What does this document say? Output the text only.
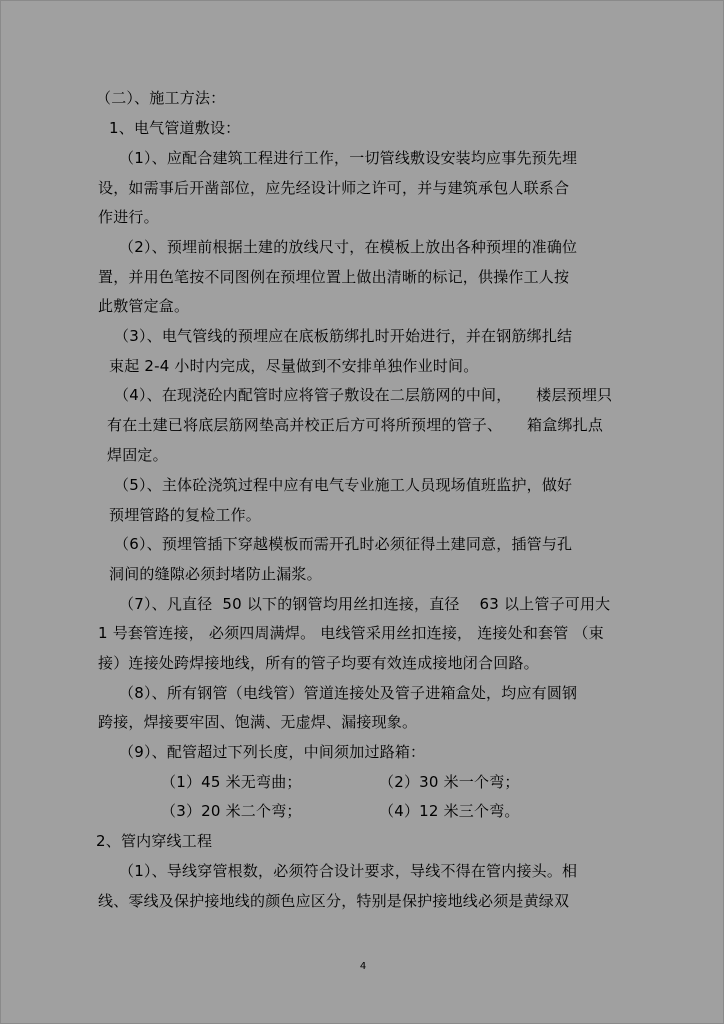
（二）、施工方法：
1、电气管道敷设：
（1）、应配合建筑工程进行工作，一切管线敷设安装均应事先预先埋
设，如需事后开凿部位，应先经设计师之许可，并与建筑承包人联系合
作进行。
（2）、预埋前根据土建的放线尺寸，在模板上放出各种预埋的准确位
置，并用色笔按不同图例在预埋位置上做出清晰的标记，供操作工人按
此敷管定盒。
（3）、电气管线的预埋应在底板筋绑扎时开始进行，并在钢筋绑扎结
束起 2-4 小时内完成，尽量做到不安排单独作业时间。
（4）、在现浇砼内配管时应将管子敷设在二层筋网的中间，     楼层预埋只
有在土建已将底层筋网垫高并校正后方可将所预埋的管子、     箱盒绑扎点
焊固定。
（5）、主体砼浇筑过程中应有电气专业施工人员现场值班监护，做好
预埋管路的复检工作。
（6）、预埋管插下穿越模板而需开孔时必须征得土建同意，插管与孔
洞间的缝隙必须封堵防止漏浆。
（7）、凡直径  50 以下的钢管均用丝扣连接，直径    63 以上管子可用大
1 号套管连接， 必须四周满焊。 电线管采用丝扣连接， 连接处和套管 （束
接）连接处跨焊接地线，所有的管子均要有效连成接地闭合回路。
（8）、所有钢管（电线管）管道连接处及管子进箱盒处，均应有圆钢
跨接，焊接要牢固、饱满、无虚焊、漏接现象。
（9）、配管超过下列长度，中间须加过路箱：
（1）45 米无弯曲；	（2）30 米一个弯；
（3）20 米二个弯；	（4）12 米三个弯。
2、管内穿线工程
（1）、导线穿管根数，必须符合设计要求，导线不得在管内接头。相
线、零线及保护接地线的颜色应区分，特别是保护接地线必须是黄绿双
4
